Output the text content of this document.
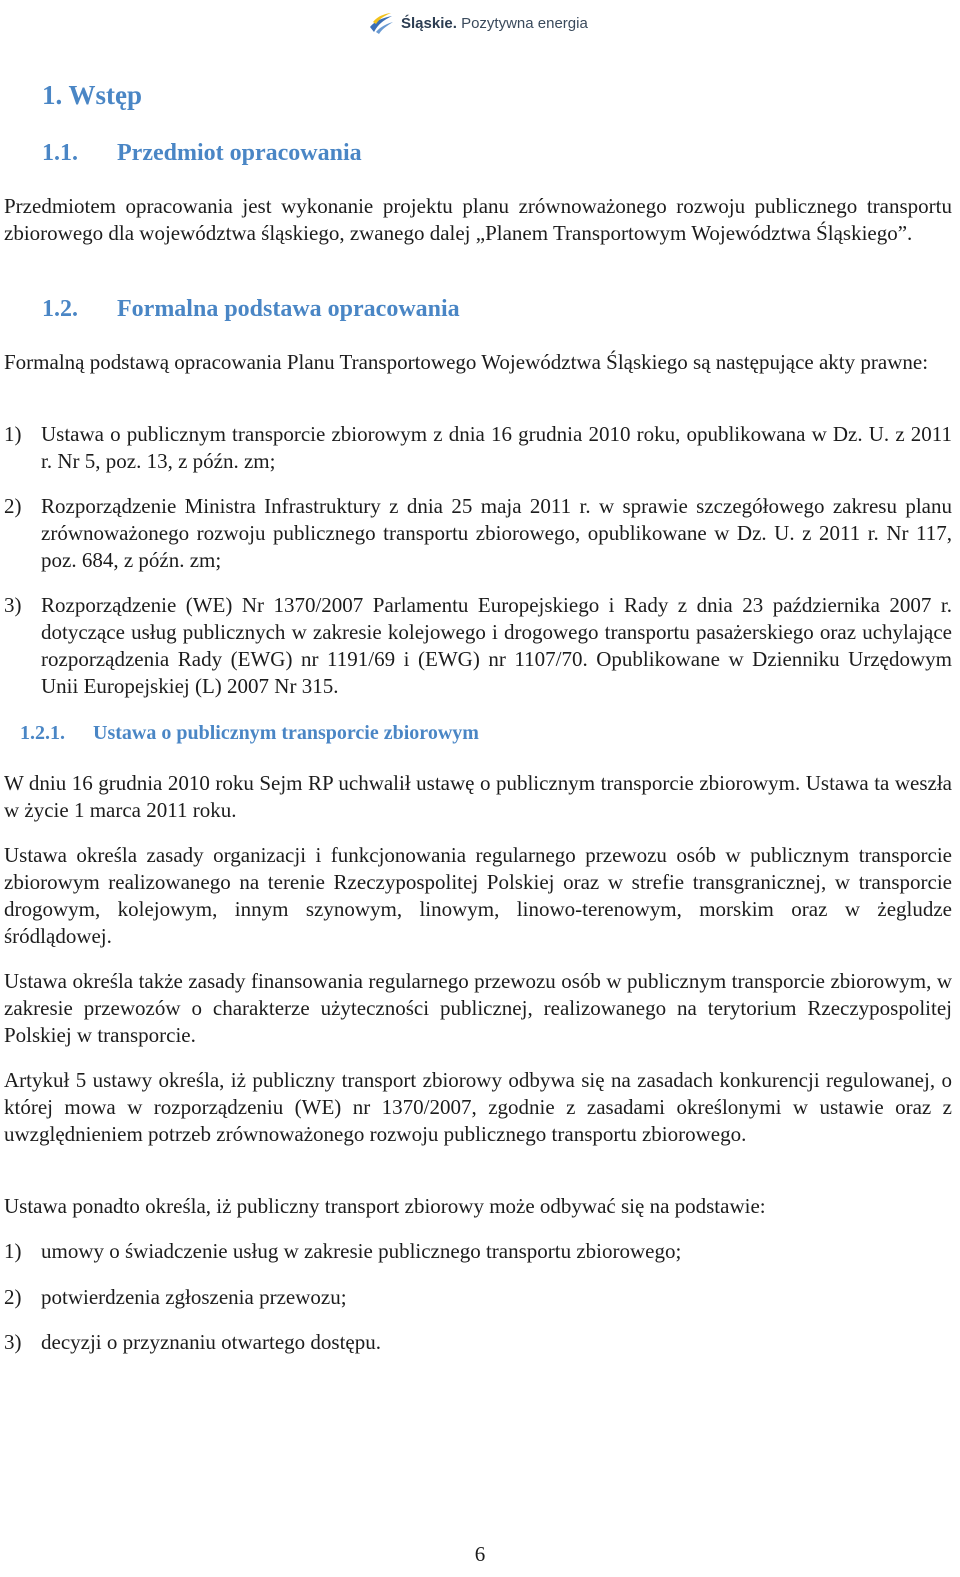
Śląskie. Pozytywna energia
1. Wstęp
1.1. Przedmiot opracowania

Przedmiotem opracowania jest wykonanie projektu planu zrównoważonego rozwoju publicznego transportu zbiorowego dla województwa śląskiego, zwanego dalej „Planem Transportowym Województwa Śląskiego”.

1.2. Formalna podstawa opracowania

Formalną podstawą opracowania Planu Transportowego Województwa Śląskiego są następujące akty prawne:

1) Ustawa o publicznym transporcie zbiorowym z dnia 16 grudnia 2010 roku, opublikowana w Dz. U. z 2011 r. Nr 5, poz. 13, z późn. zm;
2) Rozporządzenie Ministra Infrastruktury z dnia 25 maja 2011 r. w sprawie szczegółowego zakresu planu zrównoważonego rozwoju publicznego transportu zbiorowego, opublikowane w Dz. U. z 2011 r. Nr 117, poz. 684, z późn. zm;
3) Rozporządzenie (WE) Nr 1370/2007 Parlamentu Europejskiego i Rady z dnia 23 października 2007 r. dotyczące usług publicznych w zakresie kolejowego i drogowego transportu pasażerskiego oraz uchylające rozporządzenia Rady (EWG) nr 1191/69 i (EWG) nr 1107/70. Opublikowane w Dzienniku Urzędowym Unii Europejskiej (L) 2007 Nr 315.
1.2.1. Ustawa o publicznym transporcie zbiorowym

W dniu 16 grudnia 2010 roku Sejm RP uchwalił ustawę o publicznym transporcie zbiorowym. Ustawa ta weszła w życie 1 marca 2011 roku.

Ustawa określa zasady organizacji i funkcjonowania regularnego przewozu osób w publicznym transporcie zbiorowym realizowanego na terenie Rzeczypospolitej Polskiej oraz w strefie transgranicznej, w transporcie drogowym, kolejowym, innym szynowym, linowym, linowo-terenowym, morskim oraz w żegludze śródlądowej.

Ustawa określa także zasady finansowania regularnego przewozu osób w publicznym transporcie zbiorowym, w zakresie przewozów o charakterze użyteczności publicznej, realizowanego na terytorium Rzeczypospolitej Polskiej w transporcie.

Artykuł 5 ustawy określa, iż publiczny transport zbiorowy odbywa się na zasadach konkurencji regulowanej, o której mowa w rozporządzeniu (WE) nr 1370/2007, zgodnie z zasadami określonymi w ustawie oraz z uwzględnieniem potrzeb zrównoważonego rozwoju publicznego transportu zbiorowego.

Ustawa ponadto określa, iż publiczny transport zbiorowy może odbywać się na podstawie:

1) umowy o świadczenie usług w zakresie publicznego transportu zbiorowego;
2) potwierdzenia zgłoszenia przewozu;
3) decyzji o przyznaniu otwartego dostępu.
6
